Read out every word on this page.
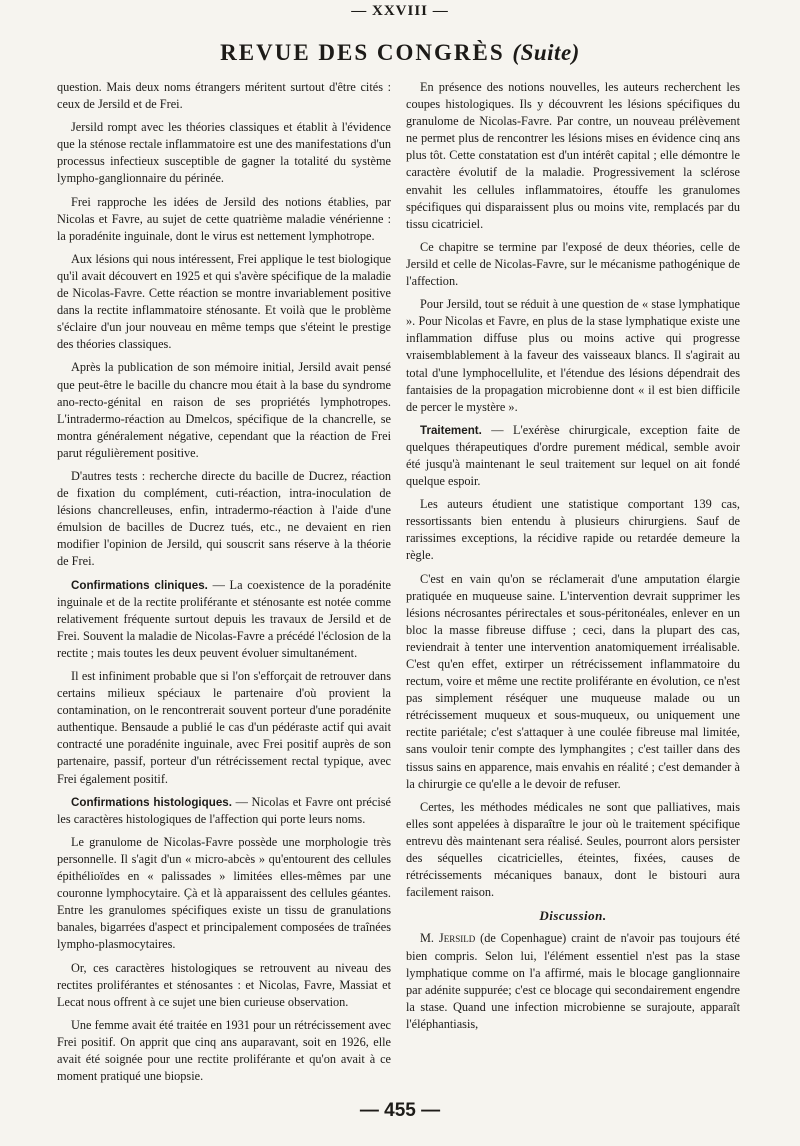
— XXVIII —
REVUE DES CONGRÈS (Suite)

question. Mais deux noms étrangers méritent surtout d'être cités : ceux de Jersild et de Frei.

Jersild rompt avec les théories classiques et établit à l'évidence que la sténose rectale inflammatoire est une des manifestations d'un processus infectieux susceptible de gagner la totalité du système lympho-ganglionnaire du périnée.

Frei rapproche les idées de Jersild des notions établies, par Nicolas et Favre, au sujet de cette quatrième maladie vénérienne : la poradénite inguinale, dont le virus est nettement lymphotrope.

Aux lésions qui nous intéressent, Frei applique le test biologique qu'il avait découvert en 1925 et qui s'avère spécifique de la maladie de Nicolas-Favre. Cette réaction se montre invariablement positive dans la rectite inflammatoire sténosante. Et voilà que le problème s'éclaire d'un jour nouveau en même temps que s'éteint le prestige des théories classiques.

Après la publication de son mémoire initial, Jersild avait pensé que peut-être le bacille du chancre mou était à la base du syndrome ano-recto-génital en raison de ses propriétés lymphotropes. L'intradermo-réaction au Dmelcos, spécifique de la chancrelle, se montra généralement négative, cependant que la réaction de Frei parut régulièrement positive.

D'autres tests : recherche directe du bacille de Ducrez, réaction de fixation du complément, cuti-réaction, intra-inoculation de lésions chancrelleuses, enfin, intradermo-réaction à l'aide d'une émulsion de bacilles de Ducrez tués, etc., ne devaient en rien modifier l'opinion de Jersild, qui souscrit sans réserve à la théorie de Frei.

Confirmations cliniques. — La coexistence de la poradénite inguinale et de la rectite proliférante et sténosante est notée comme relativement fréquente surtout depuis les travaux de Jersild et de Frei. Souvent la maladie de Nicolas-Favre a précédé l'éclosion de la rectite ; mais toutes les deux peuvent évoluer simultanément.

Il est infiniment probable que si l'on s'efforçait de retrouver dans certains milieux spéciaux le partenaire d'où provient la contamination, on le rencontrerait souvent porteur d'une poradénite authentique. Bensaude a publié le cas d'un pédéraste actif qui avait contracté une poradénite inguinale, avec Frei positif auprès de son partenaire, passif, porteur d'un rétrécissement rectal typique, avec Frei également positif.

Confirmations histologiques. — Nicolas et Favre ont précisé les caractères histologiques de l'affection qui porte leurs noms.

Le granulome de Nicolas-Favre possède une morphologie très personnelle. Il s'agit d'un « micro-abcès » qu'entourent des cellules épithélioïdes en « palissades » limitées elles-mêmes par une couronne lymphocytaire. Çà et là apparaissent des cellules géantes. Entre les granulomes spécifiques existe un tissu de granulations banales, bigarrées d'aspect et principalement composées de traînées lympho-plasmocytaires.

Or, ces caractères histologiques se retrouvent au niveau des rectites proliférantes et sténosantes : et Nicolas, Favre, Massiat et Lecat nous offrent à ce sujet une bien curieuse observation.

Une femme avait été traitée en 1931 pour un rétrécissement avec Frei positif. On apprit que cinq ans auparavant, soit en 1926, elle avait été soignée pour une rectite proliférante et qu'on avait à ce moment pratiqué une biopsie.

En présence des notions nouvelles, les auteurs recherchent les coupes histologiques. Ils y découvrent les lésions spécifiques du granulome de Nicolas-Favre. Par contre, un nouveau prélèvement ne permet plus de rencontrer les lésions mises en évidence cinq ans plus tôt. Cette constatation est d'un intérêt capital ; elle démontre le caractère évolutif de la maladie. Progressivement la sclérose envahit les cellules inflammatoires, étouffe les granulomes spécifiques qui disparaissent plus ou moins vite, remplacés par du tissu cicatriciel.

Ce chapitre se termine par l'exposé de deux théories, celle de Jersild et celle de Nicolas-Favre, sur le mécanisme pathogénique de l'affection.

Pour Jersild, tout se réduit à une question de « stase lymphatique ». Pour Nicolas et Favre, en plus de la stase lymphatique existe une inflammation diffuse plus ou moins active qui progresse vraisemblablement à la faveur des vaisseaux blancs. Il s'agirait au total d'une lymphocellulite, et l'étendue des lésions dépendrait des fantaisies de la propagation microbienne dont « il est bien difficile de percer le mystère ».

Traitement. — L'exérèse chirurgicale, exception faite de quelques thérapeutiques d'ordre purement médical, semble avoir été jusqu'à maintenant le seul traitement sur lequel on ait fondé quelque espoir.

Les auteurs étudient une statistique comportant 139 cas, ressortissants bien entendu à plusieurs chirurgiens. Sauf de rarissimes exceptions, la récidive rapide ou retardée demeure la règle.

C'est en vain qu'on se réclamerait d'une amputation élargie pratiquée en muqueuse saine. L'intervention devrait supprimer les lésions nécrosantes périrectales et sous-péritonéales, enlever en un bloc la masse fibreuse diffuse ; ceci, dans la plupart des cas, reviendrait à tenter une intervention anatomiquement irréalisable. C'est qu'en effet, extirper un rétrécissement inflammatoire du rectum, voire et même une rectite proliférante en évolution, ce n'est pas simplement réséquer une muqueuse malade ou un rétrécissement muqueux et sous-muqueux, ou uniquement une rectite pariétale; c'est s'attaquer à une coulée fibreuse mal limitée, sans vouloir tenir compte des lymphangites ; c'est tailler dans des tissus sains en apparence, mais envahis en réalité ; c'est demander à la chirurgie ce qu'elle a le devoir de refuser.

Certes, les méthodes médicales ne sont que palliatives, mais elles sont appelées à disparaître le jour où le traitement spécifique entrevu dès maintenant sera réalisé. Seules, pourront alors persister des séquelles cicatricielles, éteintes, fixées, causes de rétrécissements mécaniques banaux, dont le bistouri aura facilement raison.

Discussion.

M. Jersild (de Copenhague) craint de n'avoir pas toujours été bien compris. Selon lui, l'élément essentiel n'est pas la stase lymphatique comme on l'a affirmé, mais le blocage ganglionnaire par adénite suppurée; c'est ce blocage qui secondairement engendre la stase. Quand une infection microbienne se surajoute, apparaît l'éléphantiasis,

— 455 —
